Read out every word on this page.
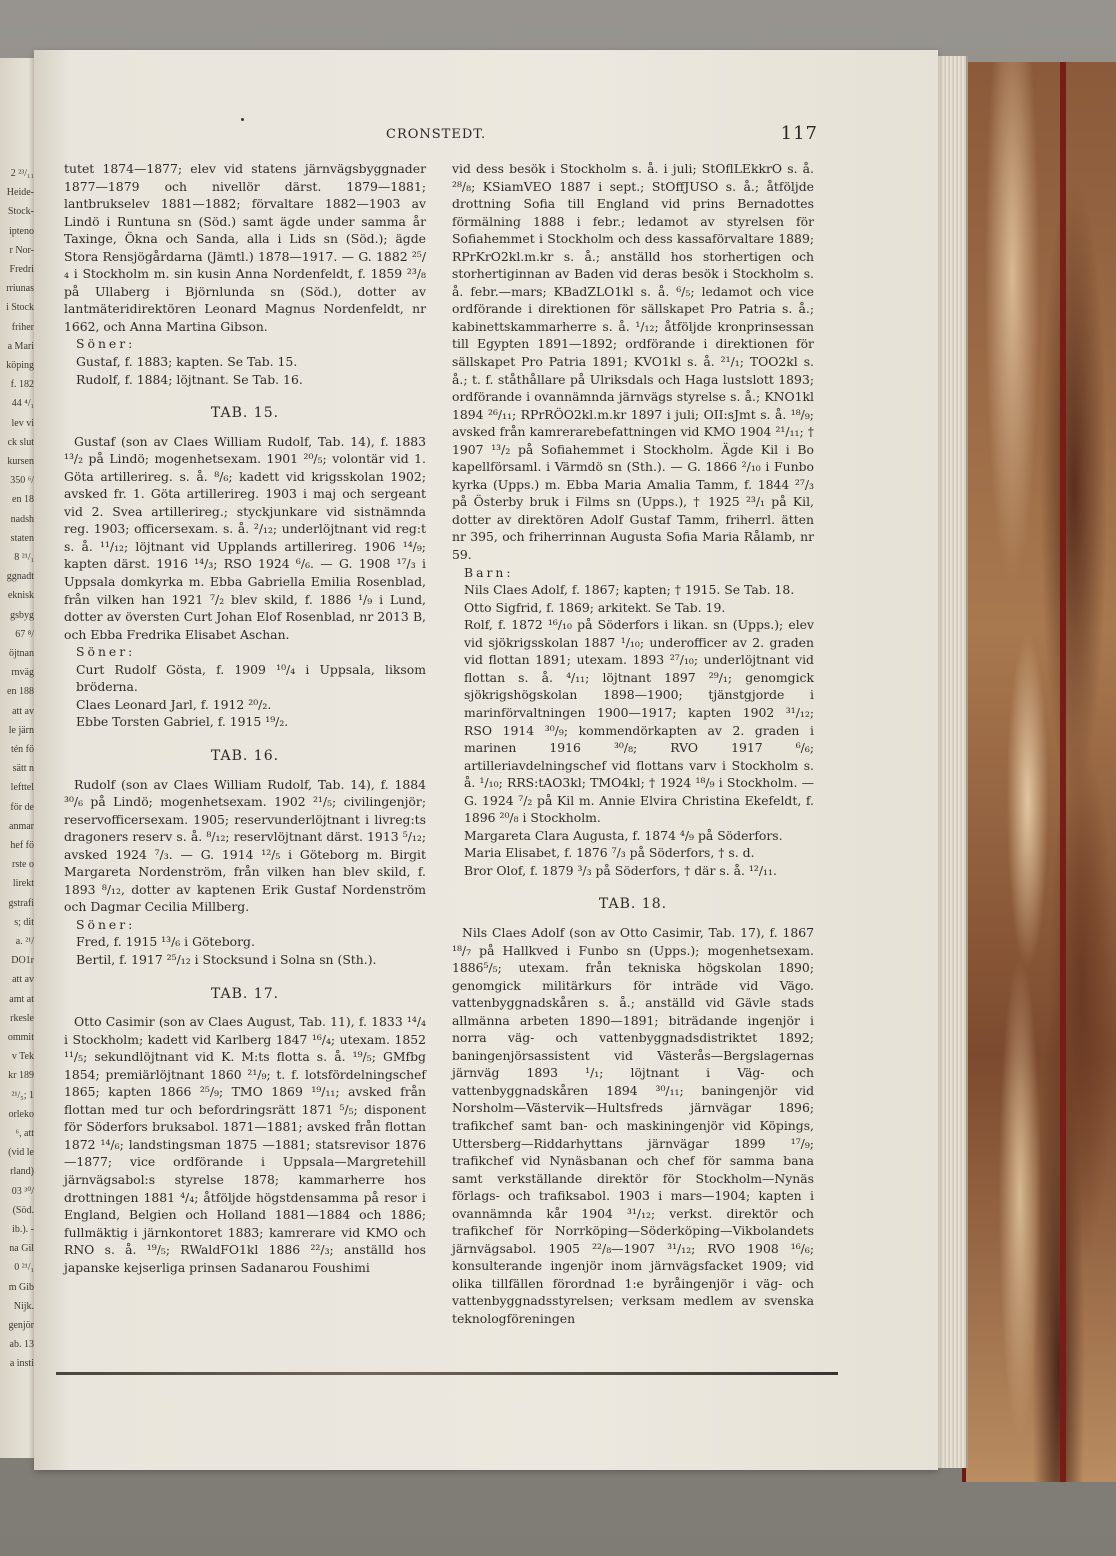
2 ²³/₁₁
Heide-
Stock-
ipteno
r Nor-
Fredri
rriunas
i Stock
friher
a Mari
köping
f. 182
44 ⁴/₁
lev vi
ck slut
kursen
350 ⁶/
en 18
nadsh
staten
8 ²¹/₁
ggnadt
eknisk
gsbyg
67 ⁸/
öjtnan
rnväg
en 188
att av
le järn
tén fö
sätt n
lefttel
för de
anmar
hef fö
rste o
lirekt
gstrafi
s; dit
a. ²¹/
DO1r
att av
amt at
rkesle
ommit
v Tek
kr 189
²¹/₅; 1
orleko
⁶, att
(vid le
rland)
03 ³⁰/
(Söd.
ib.). -
na Gil
0 ²¹/₁
m Gib
Nijk.
genjör
ab. 13
a insti
CRONSTEDT.	117

tutet 1874—1877; elev vid statens järnvägsbyggnader 1877—1879 och nivellör därst. 1879—1881; lantbrukselev 1881—1882; förvaltare 1882—1903 av Lindö i Runtuna sn (Söd.) samt ägde under samma år Taxinge, Ökna och Sanda, alla i Lids sn (Söd.); ägde Stora Rensjögårdarna (Jämtl.) 1878—1917. — G. 1882 ²⁵/₄ i Stockholm m. sin kusin Anna Nordenfeldt, f. 1859 ²³/₈ på Ullaberg i Björnlunda sn (Söd.), dotter av lantmäteridirektören Leonard Magnus Nordenfeldt, nr 1662, och Anna Martina Gibson.

Söner:

Gustaf, f. 1883; kapten. Se Tab. 15.

Rudolf, f. 1884; löjtnant. Se Tab. 16.

TAB. 15.

Gustaf (son av Claes William Rudolf, Tab. 14), f. 1883 ¹³/₂ på Lindö; mogenhetsexam. 1901 ²⁰/₅; volontär vid 1. Göta artillerireg. s. å. ⁸/₆; kadett vid krigsskolan 1902; avsked fr. 1. Göta artillerireg. 1903 i maj och sergeant vid 2. Svea artillerireg.; styckjunkare vid sistnämnda reg. 1903; officersexam. s. å. ²/₁₂; underlöjtnant vid reg:t s. å. ¹¹/₁₂; löjtnant vid Upplands artillerireg. 1906 ¹⁴/₉; kapten därst. 1916 ¹⁴/₃; RSO 1924 ⁶/₆. — G. 1908 ¹⁷/₃ i Uppsala domkyrka m. Ebba Gabriella Emilia Rosenblad, från vilken han 1921 ⁷/₂ blev skild, f. 1886 ¹/₉ i Lund, dotter av översten Curt Johan Elof Rosenblad, nr 2013 B, och Ebba Fredrika Elisabet Aschan.

Söner:

Curt Rudolf Gösta, f. 1909 ¹⁰/₄ i Uppsala, liksom bröderna.

Claes Leonard Jarl, f. 1912 ²⁰/₂.

Ebbe Torsten Gabriel, f. 1915 ¹⁹/₂.

TAB. 16.

Rudolf (son av Claes William Rudolf, Tab. 14), f. 1884 ³⁰/₆ på Lindö; mogenhetsexam. 1902 ²¹/₅; civilingenjör; reservofficersexam. 1905; reservunderlöjtnant i livreg:ts dragoners reserv s. å. ⁸/₁₂; reservlöjtnant därst. 1913 ⁵/₁₂; avsked 1924 ⁷/₃. — G. 1914 ¹²/₅ i Göteborg m. Birgit Margareta Nordenström, från vilken han blev skild, f. 1893 ⁸/₁₂, dotter av kaptenen Erik Gustaf Nordenström och Dagmar Cecilia Millberg.

Söner:

Fred, f. 1915 ¹³/₆ i Göteborg.

Bertil, f. 1917 ²⁵/₁₂ i Stocksund i Solna sn (Sth.).

TAB. 17.

Otto Casimir (son av Claes August, Tab. 11), f. 1833 ¹⁴/₄ i Stockholm; kadett vid Karlberg 1847 ¹⁶/₄; utexam. 1852 ¹¹/₅; sekundlöjtnant vid K. M:ts flotta s. å. ¹⁹/₅; GMfbg 1854; premiärlöjtnant 1860 ²¹/₉; t. f. lotsfördelningschef 1865; kapten 1866 ²⁵/₉; TMO 1869 ¹⁹/₁₁; avsked från flottan med tur och befordringsrätt 1871 ⁵/₅; disponent för Söderfors bruksabol. 1871—1881; avsked från flottan 1872 ¹⁴/₆; landstingsman 1875 —1881; statsrevisor 1876—1877; vice ordförande i Uppsala—Margretehill järnvägsabol:s styrelse 1878; kammarherre hos drottningen 1881 ⁴/₄; åtföljde högstdensamma på resor i England, Belgien och Holland 1881—1884 och 1886; fullmäktig i järnkontoret 1883; kamrerare vid KMO och RNO s. å. ¹⁹/₅; RWaldFO1kl 1886 ²²/₃; anställd hos japanske kejserliga prinsen Sadanarou Foushimi

vid dess besök i Stockholm s. å. i juli; StOflLEkkrO s. å. ²⁸/₈; KSiamVEO 1887 i sept.; StOffJUSO s. å.; åtföljde drottning Sofia till England vid prins Bernadottes förmälning 1888 i febr.; ledamot av styrelsen för Sofiahemmet i Stockholm och dess kassaförvaltare 1889; RPrKrO2kl.m.kr s. å.; anställd hos storhertigen och storhertiginnan av Baden vid deras besök i Stockholm s. å. febr.—mars; KBadZLO1kl s. å. ⁶/₅; ledamot och vice ordförande i direktionen för sällskapet Pro Patria s. å.; kabinettskammarherre s. å. ¹/₁₂; åtföljde kronprinsessan till Egypten 1891—1892; ordförande i direktionen för sällskapet Pro Patria 1891; KVO1kl s. å. ²¹/₁; TOO2kl s. å.; t. f. ståthållare på Ulriksdals och Haga lustslott 1893; ordförande i ovannämnda järnvägs styrelse s. å.; KNO1kl 1894 ²⁶/₁₁; RPrRÖO2kl.m.kr 1897 i juli; OII:sJmt s. å. ¹⁸/₉; avsked från kamrerarebefattningen vid KMO 1904 ²¹/₁₁; † 1907 ¹³/₂ på Sofiahemmet i Stockholm. Ägde Kil i Bo kapellförsaml. i Värmdö sn (Sth.). — G. 1866 ²/₁₀ i Funbo kyrka (Upps.) m. Ebba Maria Amalia Tamm, f. 1844 ²⁷/₃ på Österby bruk i Films sn (Upps.), † 1925 ²³/₁ på Kil, dotter av direktören Adolf Gustaf Tamm, friherrl. ätten nr 395, och friherrinnan Augusta Sofia Maria Rålamb, nr 59.

Barn:

Nils Claes Adolf, f. 1867; kapten; † 1915. Se Tab. 18.

Otto Sigfrid, f. 1869; arkitekt. Se Tab. 19.

Rolf, f. 1872 ¹⁶/₁₀ på Söderfors i likan. sn (Upps.); elev vid sjökrigsskolan 1887 ¹/₁₀; underofficer av 2. graden vid flottan 1891; utexam. 1893 ²⁷/₁₀; underlöjtnant vid flottan s. å. ⁴/₁₁; löjtnant 1897 ²⁹/₁; genomgick sjökrigshögskolan 1898—1900; tjänstgjorde i marinförvaltningen 1900—1917; kapten 1902 ³¹/₁₂; RSO 1914 ³⁰/₉; kommendörkapten av 2. graden i marinen 1916 ³⁰/₈; RVO 1917 ⁶/₆; artilleriavdelningschef vid flottans varv i Stockholm s. å. ¹/₁₀; RRS:tAO3kl; TMO4kl; † 1924 ¹⁸/₉ i Stockholm. — G. 1924 ⁷/₂ på Kil m. Annie Elvira Christina Ekefeldt, f. 1896 ²⁰/₈ i Stockholm.

Margareta Clara Augusta, f. 1874 ⁴/₉ på Söderfors.

Maria Elisabet, f. 1876 ⁷/₃ på Söderfors, † s. d.

Bror Olof, f. 1879 ³/₃ på Söderfors, † där s. å. ¹²/₁₁.

TAB. 18.

Nils Claes Adolf (son av Otto Casimir, Tab. 17), f. 1867 ¹⁸/₇ på Hallkved i Funbo sn (Upps.); mogenhetsexam. 1886⁵/₅; utexam. från tekniska högskolan 1890; genomgick militärkurs för inträde vid Vägo. vattenbyggnadskåren s. å.; anställd vid Gävle stads allmänna arbeten 1890—1891; biträdande ingenjör i norra väg- och vattenbyggnadsdistriktet 1892; baningenjörsassistent vid Västerås—Bergslagernas järnväg 1893 ¹/₁; löjtnant i Väg- och vattenbyggnadskåren 1894 ³⁰/₁₁; baningenjör vid Norsholm—Västervik—Hultsfreds järnvägar 1896; trafikchef samt ban- och maskiningenjör vid Köpings, Uttersberg—Riddarhyttans järnvägar 1899 ¹⁷/₉; trafikchef vid Nynäsbanan och chef för samma bana samt verkställande direktör för Stockholm—Nynäs förlags- och trafiksabol. 1903 i mars—1904; kapten i ovannämnda kår 1904 ³¹/₁₂; verkst. direktör och trafikchef för Norrköping—Söderköping—Vikbolandets järnvägsabol. 1905 ²²/₈—1907 ³¹/₁₂; RVO 1908 ¹⁶/₆; konsulterande ingenjör inom järnvägsfacket 1909; vid olika tillfällen förordnad 1:e byråingenjör i väg- och vattenbyggnadsstyrelsen; verksam medlem av svenska teknologföreningen
